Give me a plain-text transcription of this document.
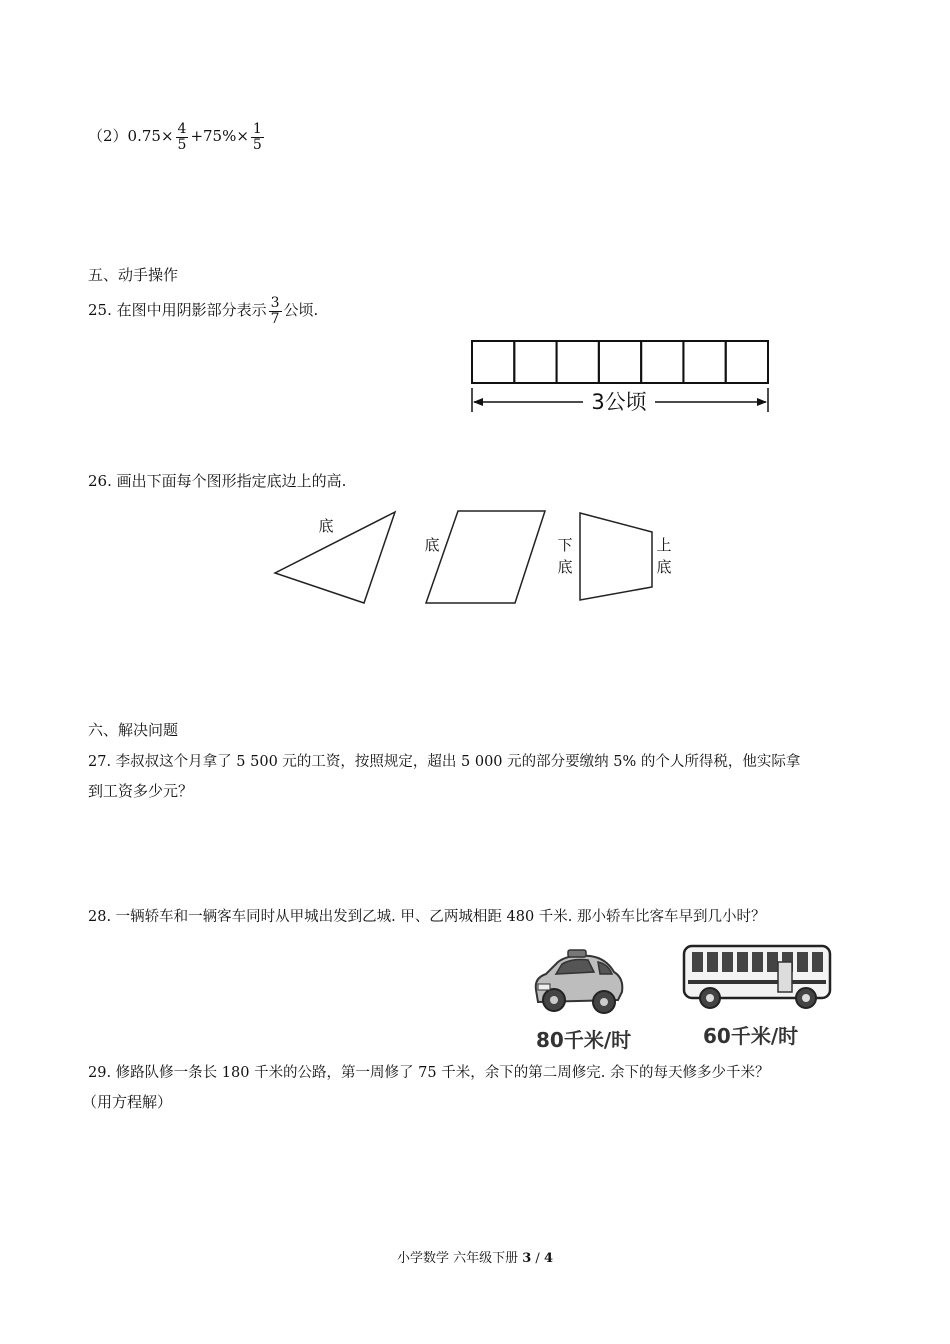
$(2)0.75\times \frac{4}{5} +75\%\times \frac{1}{5}$
五、动手操作
25. 在图中用阴影部分表示 $\frac{3}{7}$ 公顷.
3公顷
26. 画出下面每个图形指定底边上的高.
底
底	下
底
上
底
六、解决问题
27. 李叔叔这个月拿了 5 500 元的工资，按照规定，超出 5 000 元的部分要缴纳 5% 的个人所得税，他实际拿
到工资多少元？
28. 一辆轿车和一辆客车同时从甲城出发到乙城. 甲、乙两城相距 480 千米. 那小轿车比客车早到几小时？
80千米/时	60千米/时
29. 修路队修一条长 180 千米的公路，第一周修了 75 千米，余下的第二周修完. 余下的每天修多少千米？
（用方程解）
小学数学 六年级下册 3 / 4
